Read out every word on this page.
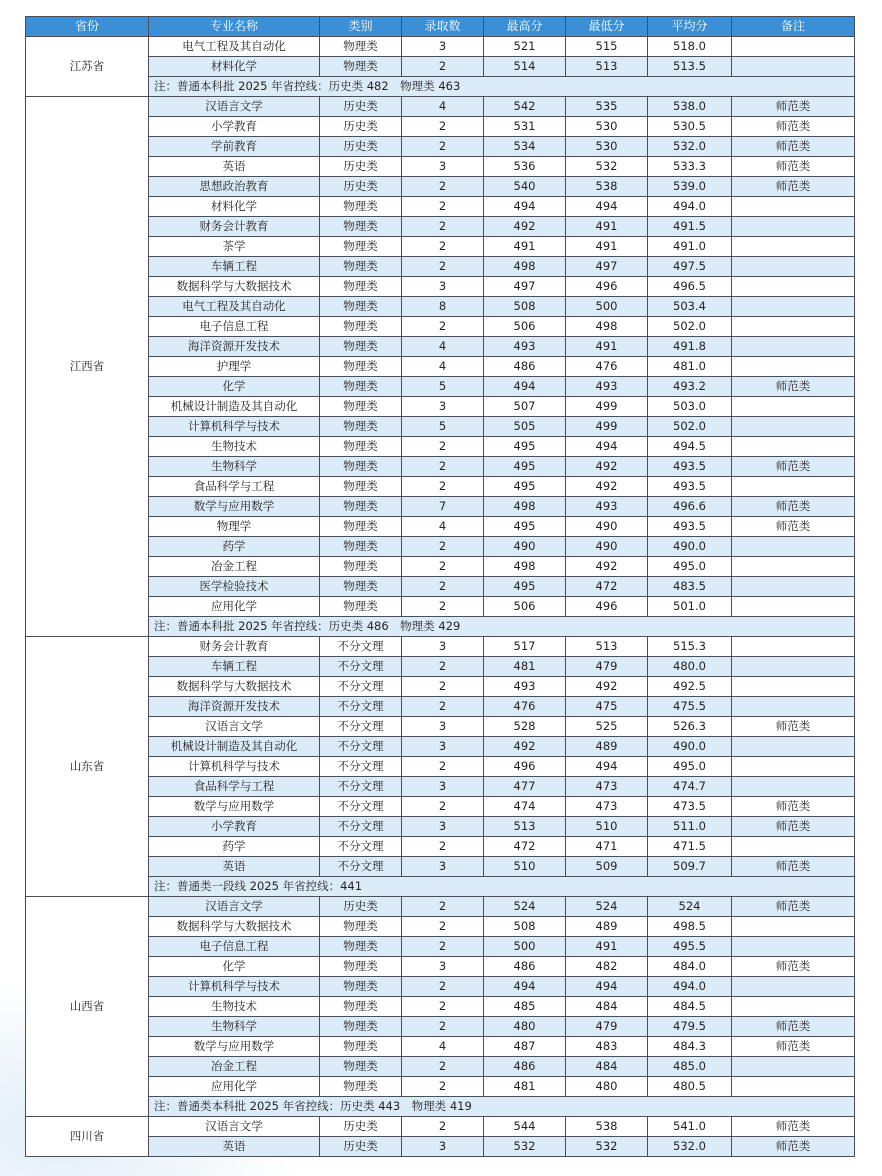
省份	专业名称	类别	录取数	最高分	最低分	平均分	备注
江苏省	电气工程及其自动化	物理类	3	521	515	518.0	
	材料化学	物理类	2	514	513	513.5	
	注：普通本科批 2025 年省控线：历史类 482　物理类 463						
江西省	汉语言文学	历史类	4	542	535	538.0	师范类
	小学教育	历史类	2	531	530	530.5	师范类
	学前教育	历史类	2	534	530	532.0	师范类
	英语	历史类	3	536	532	533.3	师范类
	思想政治教育	历史类	2	540	538	539.0	师范类
	材料化学	物理类	2	494	494	494.0	
	财务会计教育	物理类	2	492	491	491.5	
	茶学	物理类	2	491	491	491.0	
	车辆工程	物理类	2	498	497	497.5	
	数据科学与大数据技术	物理类	3	497	496	496.5	
	电气工程及其自动化	物理类	8	508	500	503.4	
	电子信息工程	物理类	2	506	498	502.0	
	海洋资源开发技术	物理类	4	493	491	491.8	
	护理学	物理类	4	486	476	481.0	
	化学	物理类	5	494	493	493.2	师范类
	机械设计制造及其自动化	物理类	3	507	499	503.0	
	计算机科学与技术	物理类	5	505	499	502.0	
	生物技术	物理类	2	495	494	494.5	
	生物科学	物理类	2	495	492	493.5	师范类
	食品科学与工程	物理类	2	495	492	493.5	
	数学与应用数学	物理类	7	498	493	496.6	师范类
	物理学	物理类	4	495	490	493.5	师范类
	药学	物理类	2	490	490	490.0	
	冶金工程	物理类	2	498	492	495.0	
	医学检验技术	物理类	2	495	472	483.5	
	应用化学	物理类	2	506	496	501.0	
	注：普通本科批 2025 年省控线：历史类 486　物理类 429						
山东省	财务会计教育	不分文理	3	517	513	515.3	
	车辆工程	不分文理	2	481	479	480.0	
	数据科学与大数据技术	不分文理	2	493	492	492.5	
	海洋资源开发技术	不分文理	2	476	475	475.5	
	汉语言文学	不分文理	3	528	525	526.3	师范类
	机械设计制造及其自动化	不分文理	3	492	489	490.0	
	计算机科学与技术	不分文理	2	496	494	495.0	
	食品科学与工程	不分文理	3	477	473	474.7	
	数学与应用数学	不分文理	2	474	473	473.5	师范类
	小学教育	不分文理	3	513	510	511.0	师范类
	药学	不分文理	2	472	471	471.5	
	英语	不分文理	3	510	509	509.7	师范类
	注：普通类一段线 2025 年省控线：441						
山西省	汉语言文学	历史类	2	524	524	524	师范类
	数据科学与大数据技术	物理类	2	508	489	498.5	
	电子信息工程	物理类	2	500	491	495.5	
	化学	物理类	3	486	482	484.0	师范类
	计算机科学与技术	物理类	2	494	494	494.0	
	生物技术	物理类	2	485	484	484.5	
	生物科学	物理类	2	480	479	479.5	师范类
	数学与应用数学	物理类	4	487	483	484.3	师范类
	冶金工程	物理类	2	486	484	485.0	
	应用化学	物理类	2	481	480	480.5	
	注：普通类本科批 2025 年省控线：历史类 443　物理类 419						
四川省	汉语言文学	历史类	2	544	538	541.0	师范类
	英语	历史类	3	532	532	532.0	师范类
